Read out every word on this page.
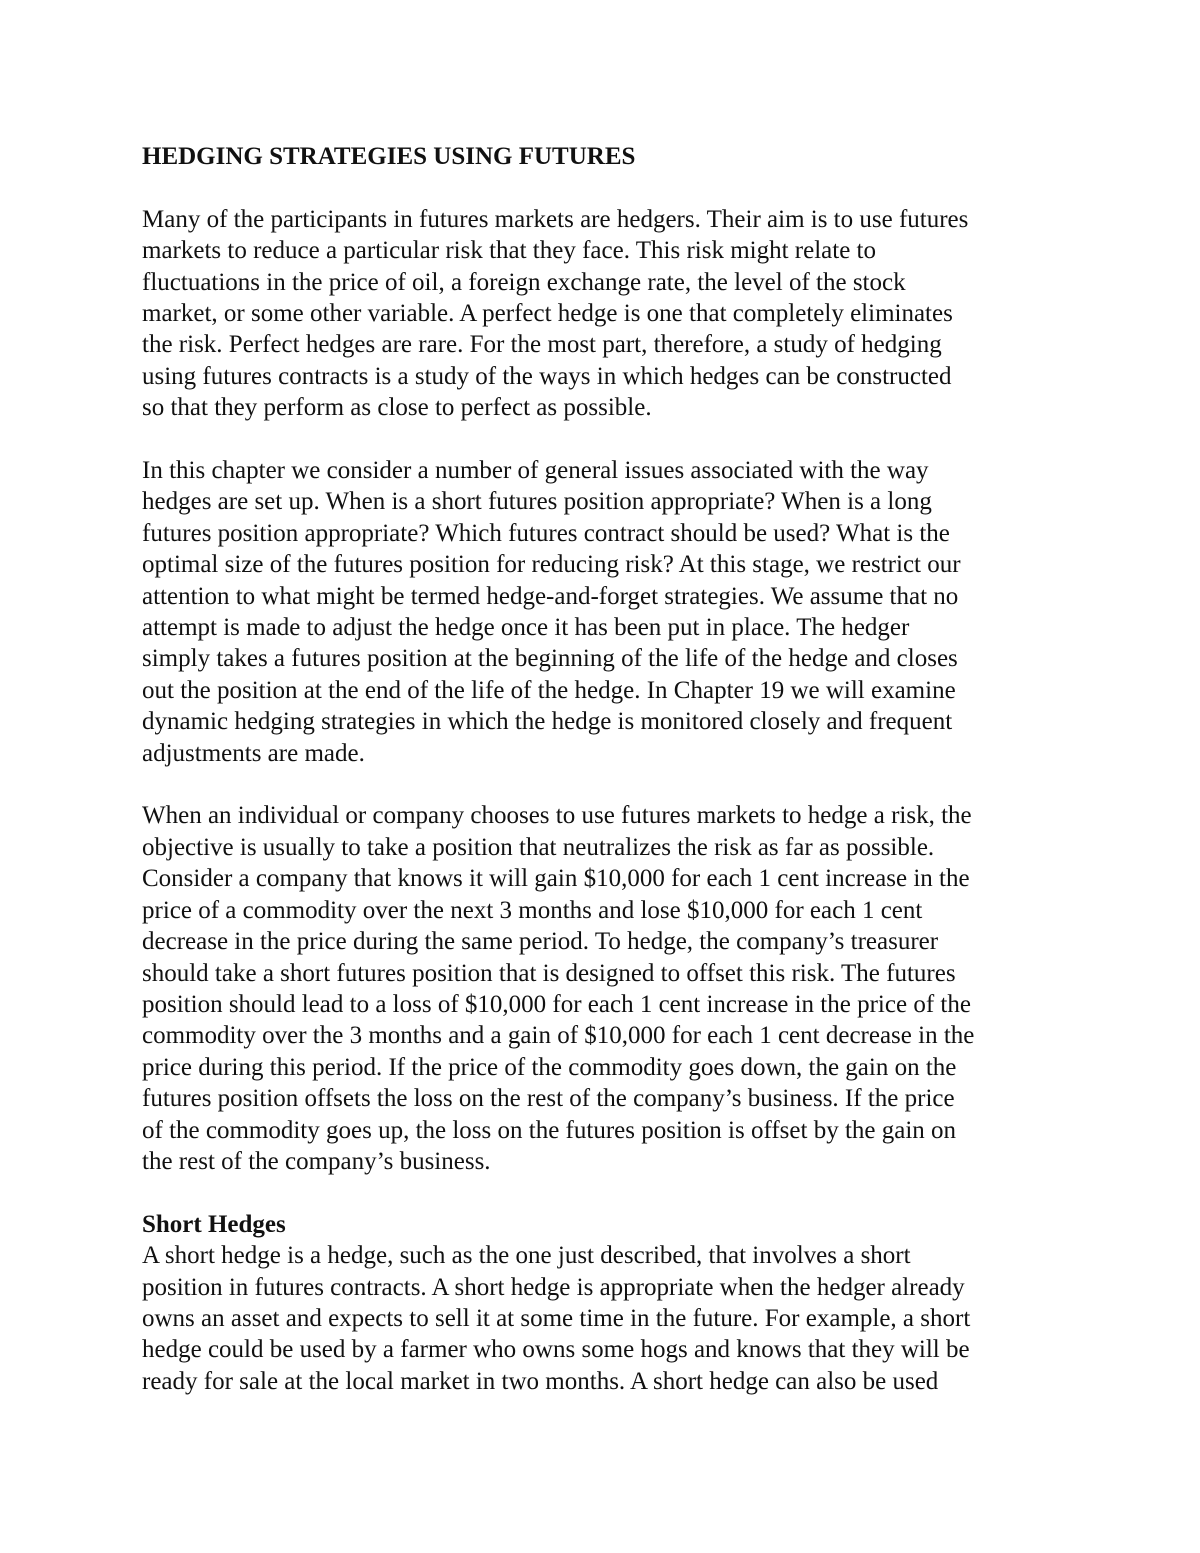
HEDGING STRATEGIES USING FUTURES

Many of the participants in futures markets are hedgers. Their aim is to use futures
markets to reduce a particular risk that they face. This risk might relate to
fluctuations in the price of oil, a foreign exchange rate, the level of the stock
market, or some other variable. A perfect hedge is one that completely eliminates
the risk. Perfect hedges are rare. For the most part, therefore, a study of hedging
using futures contracts is a study of the ways in which hedges can be constructed
so that they perform as close to perfect as possible.

In this chapter we consider a number of general issues associated with the way
hedges are set up. When is a short futures position appropriate? When is a long
futures position appropriate? Which futures contract should be used? What is the
optimal size of the futures position for reducing risk? At this stage, we restrict our
attention to what might be termed hedge-and-forget strategies. We assume that no
attempt is made to adjust the hedge once it has been put in place. The hedger
simply takes a futures position at the beginning of the life of the hedge and closes
out the position at the end of the life of the hedge. In Chapter 19 we will examine
dynamic hedging strategies in which the hedge is monitored closely and frequent
adjustments are made.

When an individual or company chooses to use futures markets to hedge a risk, the
objective is usually to take a position that neutralizes the risk as far as possible.
Consider a company that knows it will gain $10,000 for each 1 cent increase in the
price of a commodity over the next 3 months and lose $10,000 for each 1 cent
decrease in the price during the same period. To hedge, the company’s treasurer
should take a short futures position that is designed to offset this risk. The futures
position should lead to a loss of $10,000 for each 1 cent increase in the price of the
commodity over the 3 months and a gain of $10,000 for each 1 cent decrease in the
price during this period. If the price of the commodity goes down, the gain on the
futures position offsets the loss on the rest of the company’s business. If the price
of the commodity goes up, the loss on the futures position is offset by the gain on
the rest of the company’s business.

Short Hedges

A short hedge is a hedge, such as the one just described, that involves a short
position in futures contracts. A short hedge is appropriate when the hedger already
owns an asset and expects to sell it at some time in the future. For example, a short
hedge could be used by a farmer who owns some hogs and knows that they will be
ready for sale at the local market in two months. A short hedge can also be used
